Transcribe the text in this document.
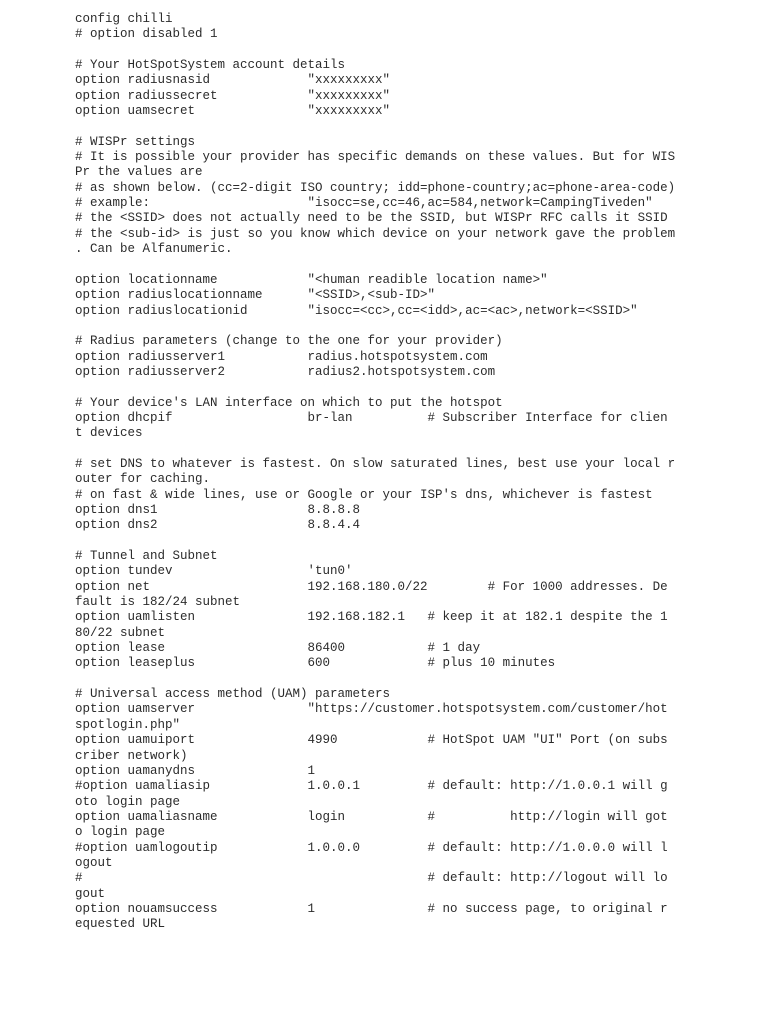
config chilli
# option disabled 1
# Your HotSpotSystem account details
option radiusnasid             "xxxxxxxxx"
option radiussecret            "xxxxxxxxx"
option uamsecret               "xxxxxxxxx"
# WISPr settings
# It is possible your provider has specific demands on these values. But for WIS
Pr the values are
# as shown below. (cc=2-digit ISO country; idd=phone-country;ac=phone-area-code)
# example:                     "isocc=se,cc=46,ac=584,network=CampingTiveden"
# the <SSID> does not actually need to be the SSID, but WISPr RFC calls it SSID
# the <sub-id> is just so you know which device on your network gave the problem
. Can be Alfanumeric.
option locationname            "<human readible location name>"
option radiuslocationname      "<SSID>,<sub-ID>"
option radiuslocationid        "isocc=<cc>,cc=<idd>,ac=<ac>,network=<SSID>"
# Radius parameters (change to the one for your provider)
option radiusserver1           radius.hotspotsystem.com
option radiusserver2           radius2.hotspotsystem.com
# Your device's LAN interface on which to put the hotspot
option dhcpif                  br-lan          # Subscriber Interface for clien
t devices
# set DNS to whatever is fastest. On slow saturated lines, best use your local r
outer for caching.
# on fast & wide lines, use or Google or your ISP's dns, whichever is fastest
option dns1                    8.8.8.8
option dns2                    8.8.4.4
# Tunnel and Subnet
option tundev                  'tun0'
option net                     192.168.180.0/22        # For 1000 addresses. De
fault is 182/24 subnet
option uamlisten               192.168.182.1   # keep it at 182.1 despite the 1
80/22 subnet
option lease                   86400           # 1 day
option leaseplus               600             # plus 10 minutes
# Universal access method (UAM) parameters
option uamserver               "https://customer.hotspotsystem.com/customer/hot
spotlogin.php"
option uamuiport               4990            # HotSpot UAM "UI" Port (on subs
criber network)
option uamanydns               1
#option uamaliasip             1.0.0.1         # default: http://1.0.0.1 will g
oto login page
option uamaliasname            login           #          http://login will got
o login page
#option uamlogoutip            1.0.0.0         # default: http://1.0.0.0 will l
ogout
#                                              # default: http://logout will lo
gout
option nouamsuccess            1               # no success page, to original r
equested URL
